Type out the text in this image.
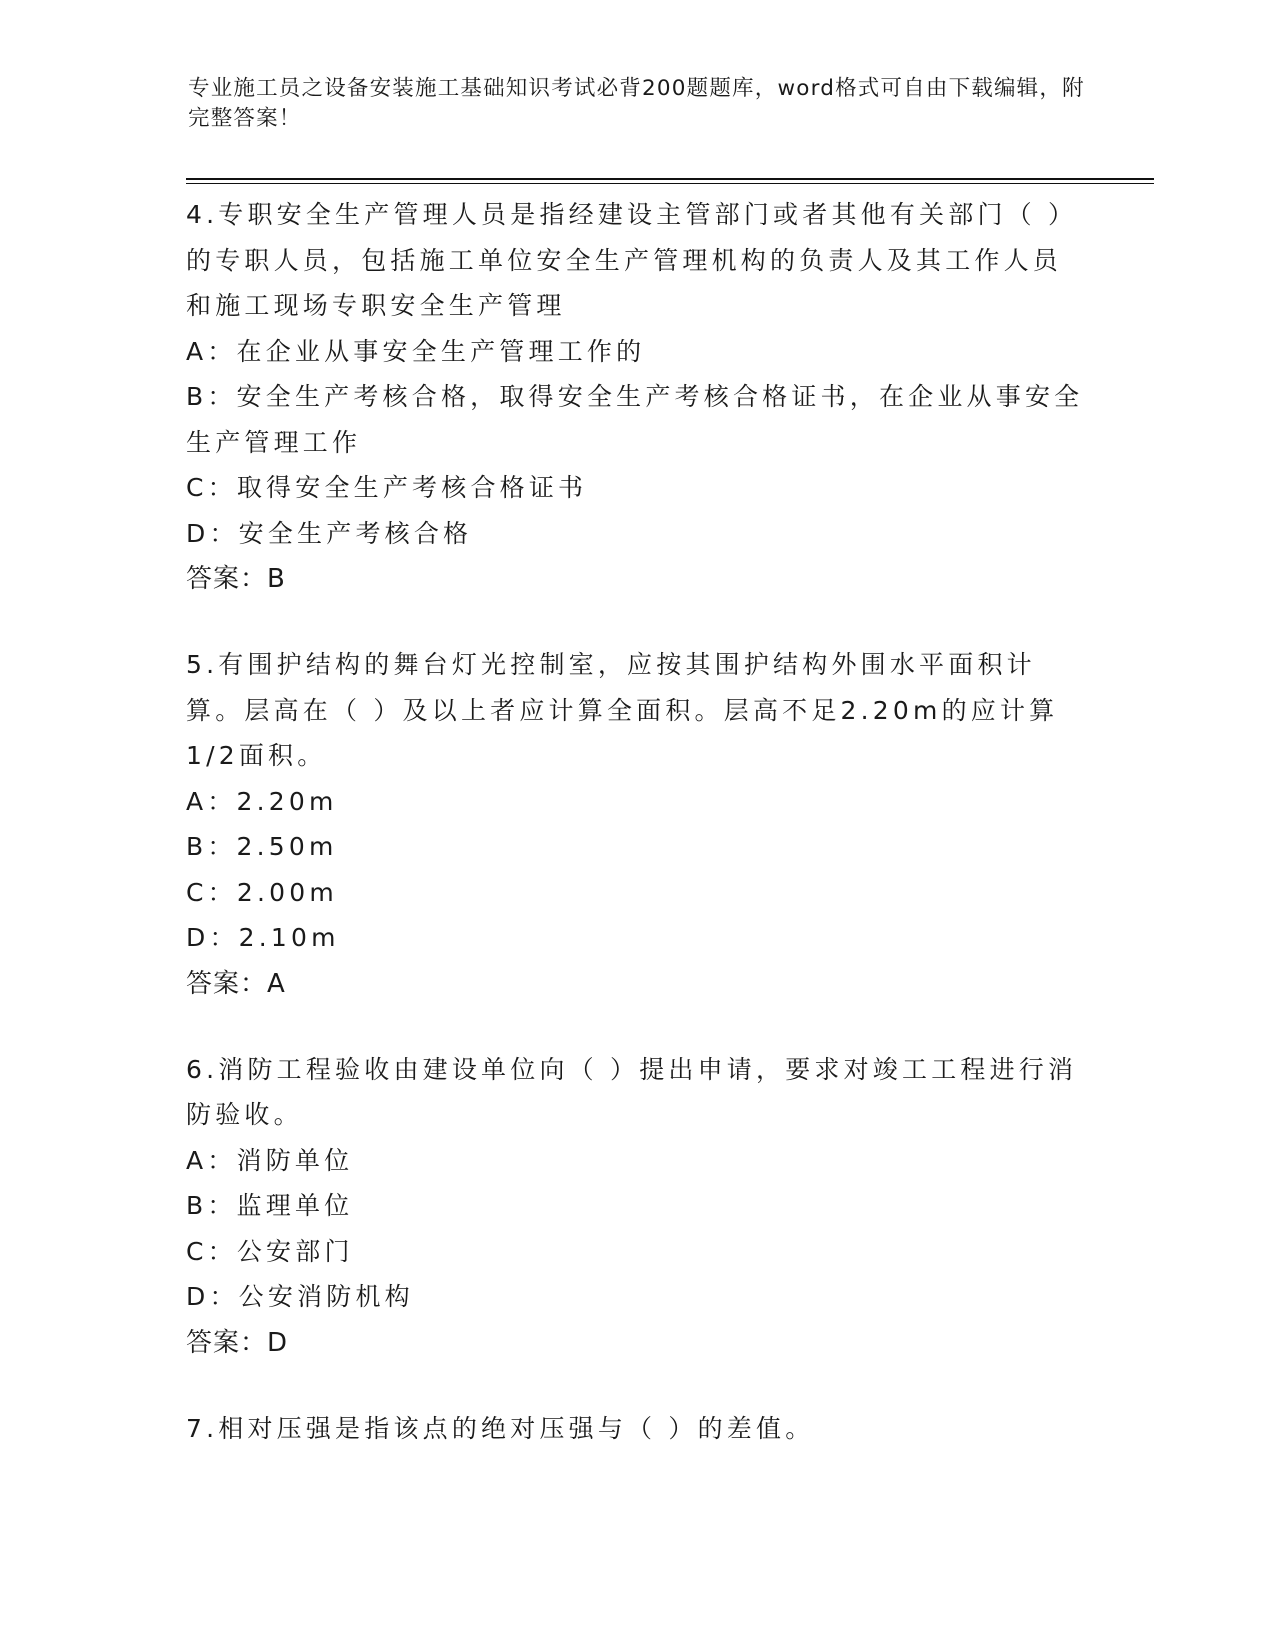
专业施工员之设备安装施工基础知识考试必背200题题库，word格式可自由下载编辑，附完整答案！
4.专职安全生产管理人员是指经建设主管部门或者其他有关部门（ ）的专职人员，包括施工单位安全生产管理机构的负责人及其工作人员和施工现场专职安全生产管理
A：在企业从事安全生产管理工作的
B：安全生产考核合格，取得安全生产考核合格证书，在企业从事安全生产管理工作
C：取得安全生产考核合格证书
D：安全生产考核合格
答案：B
5.有围护结构的舞台灯光控制室，应按其围护结构外围水平面积计算。层高在（ ）及以上者应计算全面积。层高不足2.20m的应计算1/2面积。
A：2.20m
B：2.50m
C：2.00m
D：2.10m
答案：A
6.消防工程验收由建设单位向（ ）提出申请，要求对竣工工程进行消防验收。
A：消防单位
B：监理单位
C：公安部门
D：公安消防机构
答案：D
7.相对压强是指该点的绝对压强与（ ）的差值。
